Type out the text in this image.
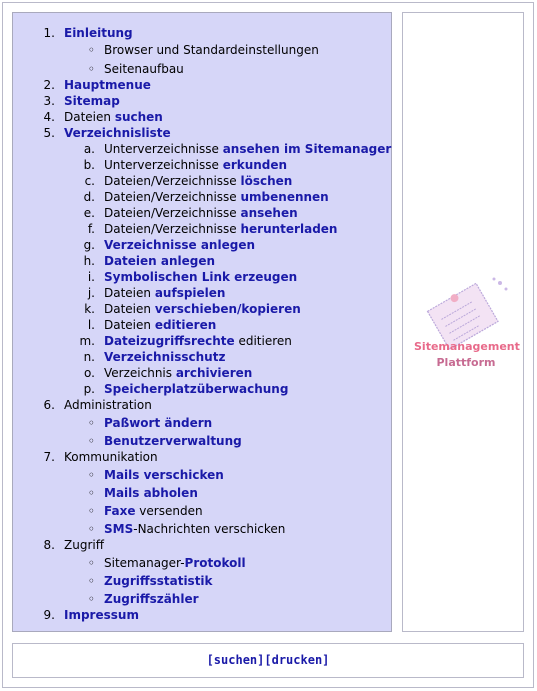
1. Einleitung
◦ Browser und Standardeinstellungen
◦ Seitenaufbau
2. Hauptmenue
3. Sitemap
4. Dateien suchen
5. Verzeichnisliste
a. Unterverzeichnisse ansehen im Sitemanager
b. Unterverzeichnisse erkunden
c. Dateien/Verzeichnisse löschen
d. Dateien/Verzeichnisse umbenennen
e. Dateien/Verzeichnisse ansehen
f. Dateien/Verzeichnisse herunterladen
g. Verzeichnisse anlegen
h. Dateien anlegen
i. Symbolischen Link erzeugen
j. Dateien aufspielen
k. Dateien verschieben/kopieren
l. Dateien editieren
m. Dateizugriffsrechte editieren
n. Verzeichnisschutz
o. Verzeichnis archivieren
p. Speicherplatzüberwachung
6. Administration
◦ Paßwort ändern
◦ Benutzerverwaltung
7. Kommunikation
◦ Mails verschicken
◦ Mails abholen
◦ Faxe versenden
◦ SMS-Nachrichten verschicken
8. Zugriff
◦ Sitemanager-Protokoll
◦ Zugriffsstatistik
◦ Zugriffszähler
9. Impressum
Sitemanagement
Plattform
[suchen][drucken]
